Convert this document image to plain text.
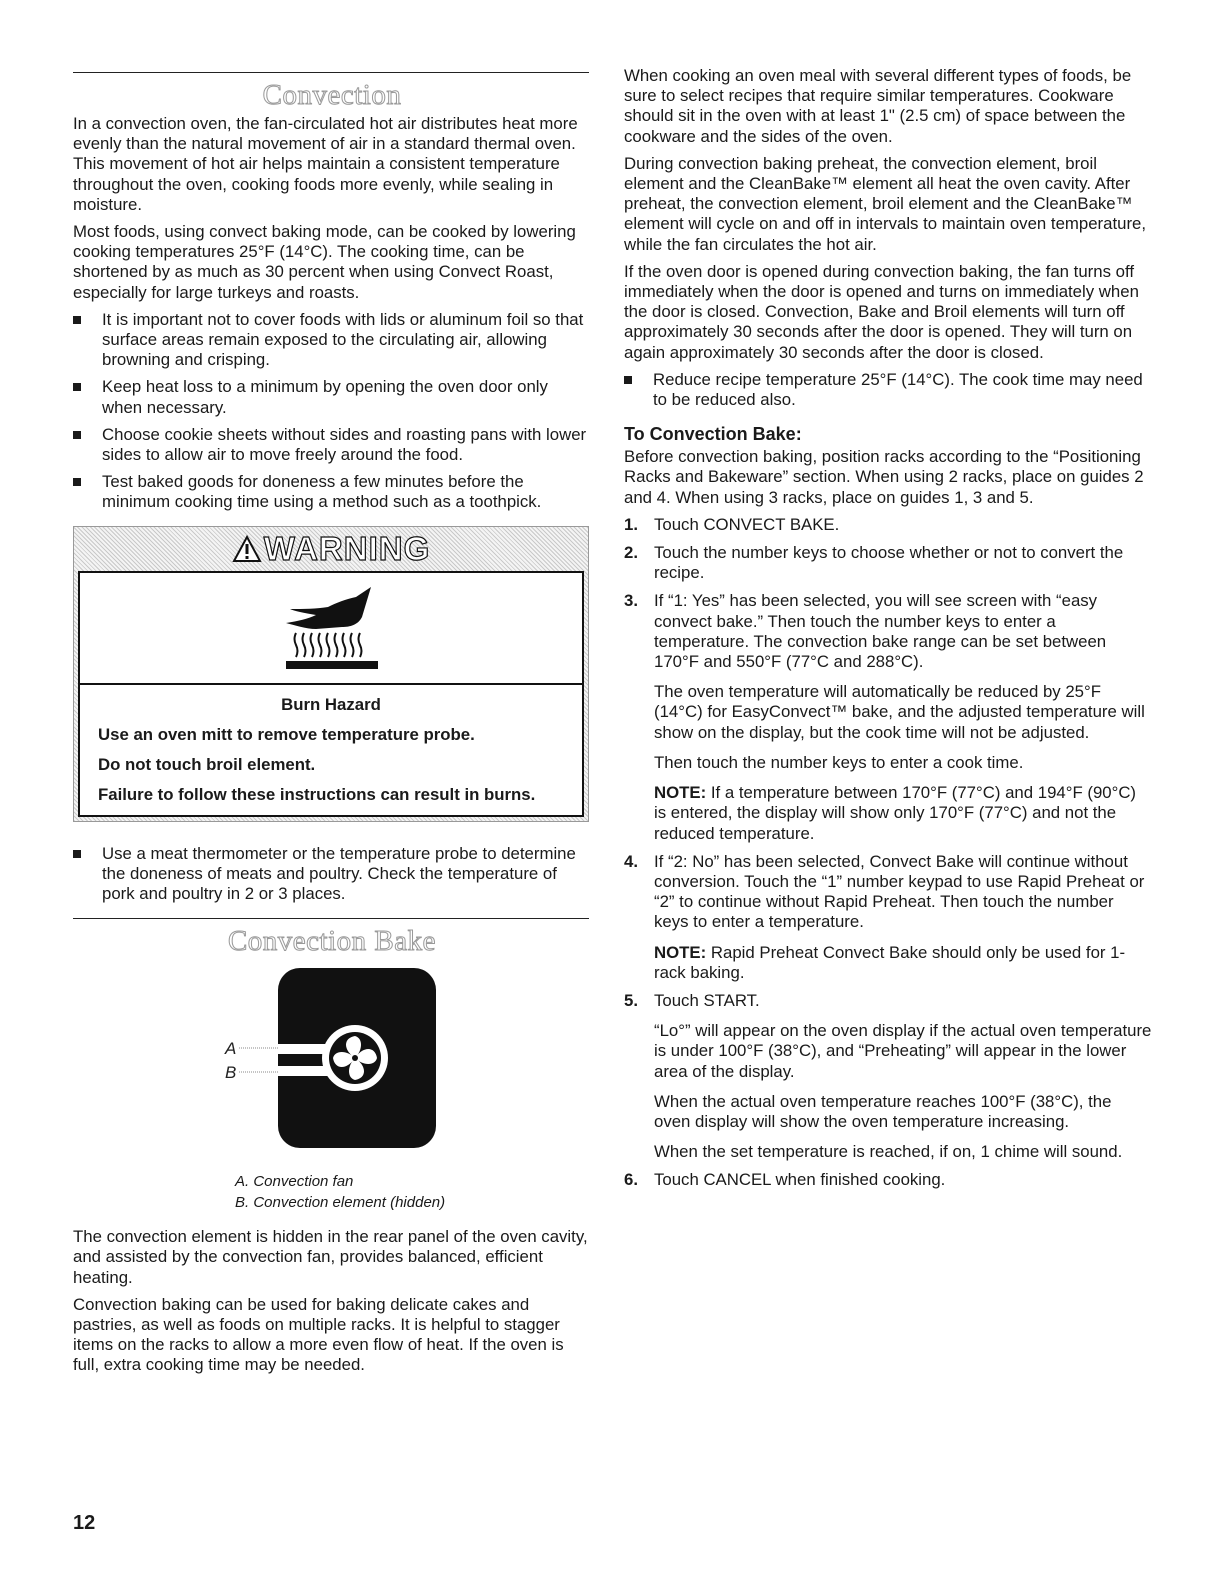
Convection

In a convection oven, the fan-circulated hot air distributes heat more evenly than the natural movement of air in a standard thermal oven. This movement of hot air helps maintain a consistent temperature throughout the oven, cooking foods more evenly, while sealing in moisture.

Most foods, using convect baking mode, can be cooked by lowering cooking temperatures 25°F (14°C). The cooking time, can be shortened by as much as 30 percent when using Convect Roast, especially for large turkeys and roasts.

It is important not to cover foods with lids or aluminum foil so that surface areas remain exposed to the circulating air, allowing browning and crisping.
Keep heat loss to a minimum by opening the oven door only when necessary.
Choose cookie sheets without sides and roasting pans with lower sides to allow air to move freely around the food.
Test baked goods for doneness a few minutes before the minimum cooking time using a method such as a toothpick.
WARNING

Burn Hazard

Use an oven mitt to remove temperature probe.

Do not touch broil element.

Failure to follow these instructions can result in burns.

Use a meat thermometer or the temperature probe to determine the doneness of meats and poultry. Check the temperature of pork and poultry in 2 or 3 places.
Convection Bake
A
B
A. Convection fan
B. Convection element (hidden)

The convection element is hidden in the rear panel of the oven cavity, and assisted by the convection fan, provides balanced, efficient heating.

Convection baking can be used for baking delicate cakes and pastries, as well as foods on multiple racks. It is helpful to stagger items on the racks to allow a more even flow of heat. If the oven is full, extra cooking time may be needed.

When cooking an oven meal with several different types of foods, be sure to select recipes that require similar temperatures. Cookware should sit in the oven with at least 1" (2.5 cm) of space between the cookware and the sides of the oven.

During convection baking preheat, the convection element, broil element and the CleanBake™ element all heat the oven cavity. After preheat, the convection element, broil element and the CleanBake™ element will cycle on and off in intervals to maintain oven temperature, while the fan circulates the hot air.

If the oven door is opened during convection baking, the fan turns off immediately when the door is opened and turns on immediately when the door is closed. Convection, Bake and Broil elements will turn off approximately 30 seconds after the door is opened. They will turn on again approximately 30 seconds after the door is closed.

Reduce recipe temperature 25°F (14°C). The cook time may need to be reduced also.
To Convection Bake:

Before convection baking, position racks according to the “Positioning Racks and Bakeware” section. When using 2 racks, place on guides 2 and 4. When using 3 racks, place on guides 1, 3 and 5.

1. Touch CONVECT BAKE.

2. Touch the number keys to choose whether or not to convert the recipe.

3. If “1: Yes” has been selected, you will see screen with “easy convect bake.” Then touch the number keys to enter a temperature. The convection bake range can be set between 170°F and 550°F (77°C and 288°C).

The oven temperature will automatically be reduced by 25°F (14°C) for EasyConvect™ bake, and the adjusted temperature will show on the display, but the cook time will not be adjusted.

Then touch the number keys to enter a cook time.

NOTE: If a temperature between 170°F (77°C) and 194°F (90°C) is entered, the display will show only 170°F (77°C) and not the reduced temperature.

4. If “2: No” has been selected, Convect Bake will continue without conversion. Touch the “1” number keypad to use Rapid Preheat or “2” to continue without Rapid Preheat. Then touch the number keys to enter a temperature.

NOTE: Rapid Preheat Convect Bake should only be used for 1-rack baking.

5. Touch START.

“Lo°” will appear on the oven display if the actual oven temperature is under 100°F (38°C), and “Preheating” will appear in the lower area of the display.

When the actual oven temperature reaches 100°F (38°C), the oven display will show the oven temperature increasing.

When the set temperature is reached, if on, 1 chime will sound.

6. Touch CANCEL when finished cooking.

12
